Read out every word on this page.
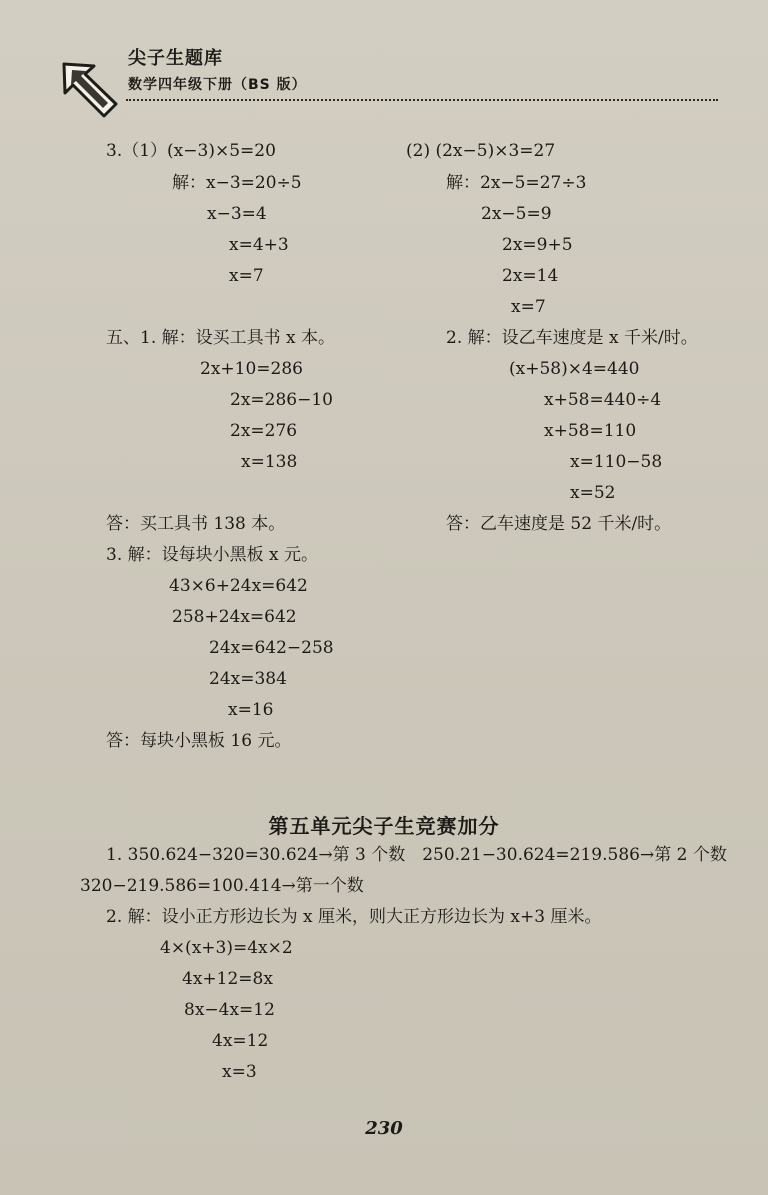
尖子生题库
数学四年级下册（BS 版）
3.（1）(x−3)×5=20
解：x−3=20÷5
x−3=4
x=4+3
x=7
(2) (2x−5)×3=27
解：2x−5=27÷3
2x−5=9
2x=9+5
2x=14
x=7
五、1. 解：设买工具书 x 本。
2x+10=286
2x=286−10
2x=276
x=138
2. 解：设乙车速度是 x 千米/时。
(x+58)×4=440
x+58=440÷4
x+58=110
x=110−58
x=52
答：买工具书 138 本。	答：乙车速度是 52 千米/时。
3. 解：设每块小黑板 x 元。
43×6+24x=642
258+24x=642
24x=642−258
24x=384
x=16
答：每块小黑板 16 元。
1. 350.624−320=30.624→第 3 个数　250.21−30.624=219.586→第 2 个数
320−219.586=100.414→第一个数
2. 解：设小正方形边长为 x 厘米，则大正方形边长为 x+3 厘米。
4×(x+3)=4x×2
4x+12=8x
8x−4x=12
4x=12
x=3
第五单元尖子生竞赛加分
230
